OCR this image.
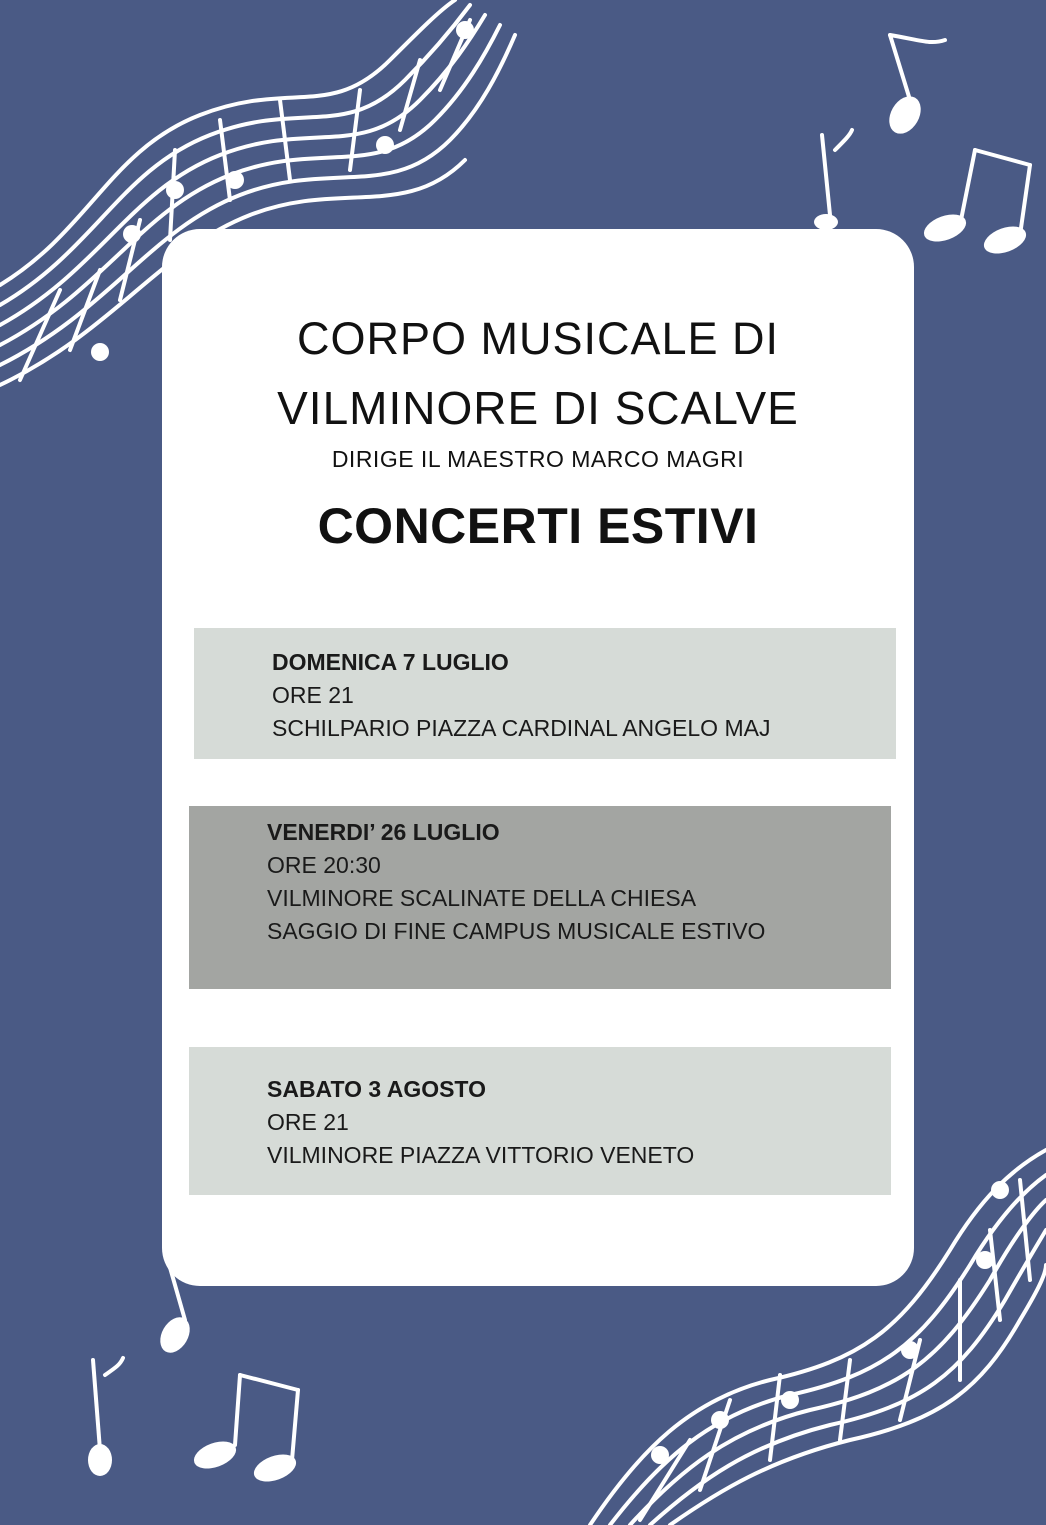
CORPO MUSICALE DI

VILMINORE DI SCALVE

DIRIGE IL MAESTRO MARCO MAGRI

CONCERTI ESTIVI

DOMENICA 7 LUGLIO
ORE 21
SCHILPARIO PIAZZA CARDINAL ANGELO MAJ
VENERDI’ 26 LUGLIO
ORE 20:30
VILMINORE SCALINATE DELLA CHIESA
SAGGIO DI FINE CAMPUS MUSICALE ESTIVO
SABATO 3 AGOSTO
ORE 21
VILMINORE PIAZZA VITTORIO VENETO
